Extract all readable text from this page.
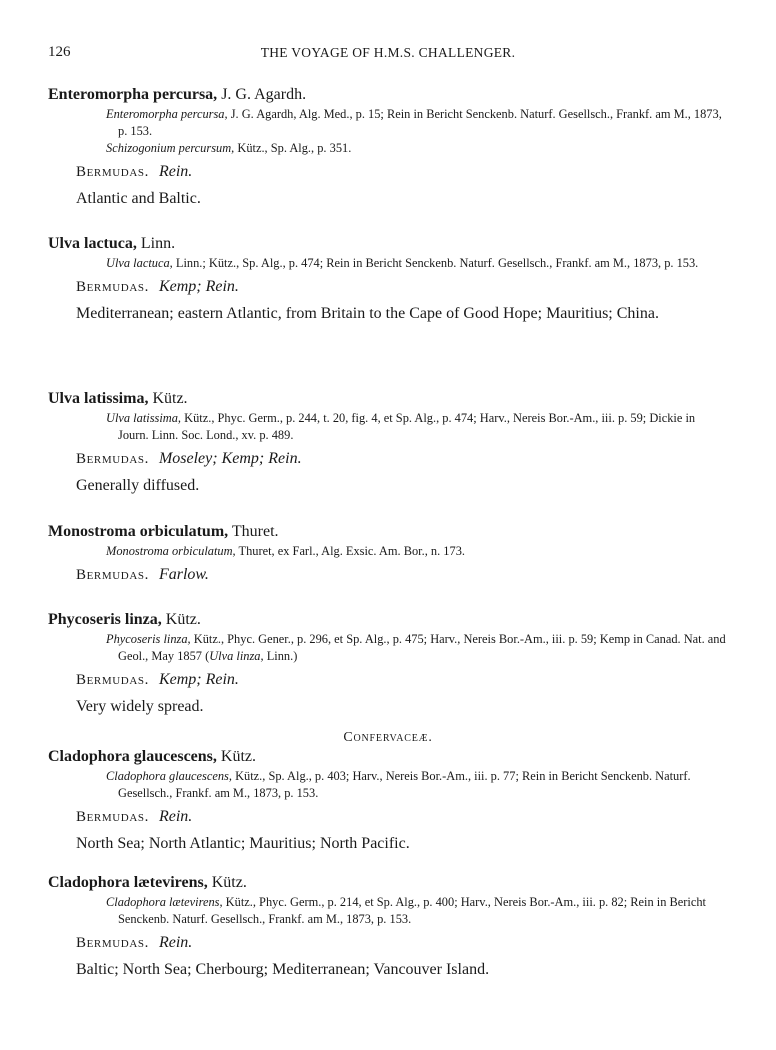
126	THE VOYAGE OF H.M.S. CHALLENGER.
Enteromorpha percursa, J. G. Agardh.
Enteromorpha percursa, J. G. Agardh, Alg. Med., p. 15; Rein in Bericht Senckenb. Naturf. Gesellsch., Frankf. am M., 1873, p. 153.
Schizogonium percursum, Kütz., Sp. Alg., p. 351.
Bermudas. Rein.
Atlantic and Baltic.
Ulva lactuca, Linn.
Ulva lactuca, Linn.; Kütz., Sp. Alg., p. 474; Rein in Bericht Senckenb. Naturf. Gesellsch., Frankf. am M., 1873, p. 153.
Bermudas. Kemp; Rein.
Mediterranean; eastern Atlantic, from Britain to the Cape of Good Hope; Mauritius; China.
Ulva latissima, Kütz.
Ulva latissima, Kütz., Phyc. Germ., p. 244, t. 20, fig. 4, et Sp. Alg., p. 474; Harv., Nereis Bor.-Am., iii. p. 59; Dickie in Journ. Linn. Soc. Lond., xv. p. 489.
Bermudas. Moseley; Kemp; Rein.
Generally diffused.
Monostroma orbiculatum, Thuret.
Monostroma orbiculatum, Thuret, ex Farl., Alg. Exsic. Am. Bor., n. 173.
Bermudas. Farlow.
Phycoseris linza, Kütz.
Phycoseris linza, Kütz., Phyc. Gener., p. 296, et Sp. Alg., p. 475; Harv., Nereis Bor.-Am., iii. p. 59; Kemp in Canad. Nat. and Geol., May 1857 (Ulva linza, Linn.)
Bermudas. Kemp; Rein.
Very widely spread.
Confervaceæ.
Cladophora glaucescens, Kütz.
Cladophora glaucescens, Kütz., Sp. Alg., p. 403; Harv., Nereis Bor.-Am., iii. p. 77; Rein in Bericht Senckenb. Naturf. Gesellsch., Frankf. am M., 1873, p. 153.
Bermudas. Rein.
North Sea; North Atlantic; Mauritius; North Pacific.
Cladophora lætevirens, Kütz.
Cladophora lætevirens, Kütz., Phyc. Germ., p. 214, et Sp. Alg., p. 400; Harv., Nereis Bor.-Am., iii. p. 82; Rein in Bericht Senckenb. Naturf. Gesellsch., Frankf. am M., 1873, p. 153.
Bermudas. Rein.
Baltic; North Sea; Cherbourg; Mediterranean; Vancouver Island.
